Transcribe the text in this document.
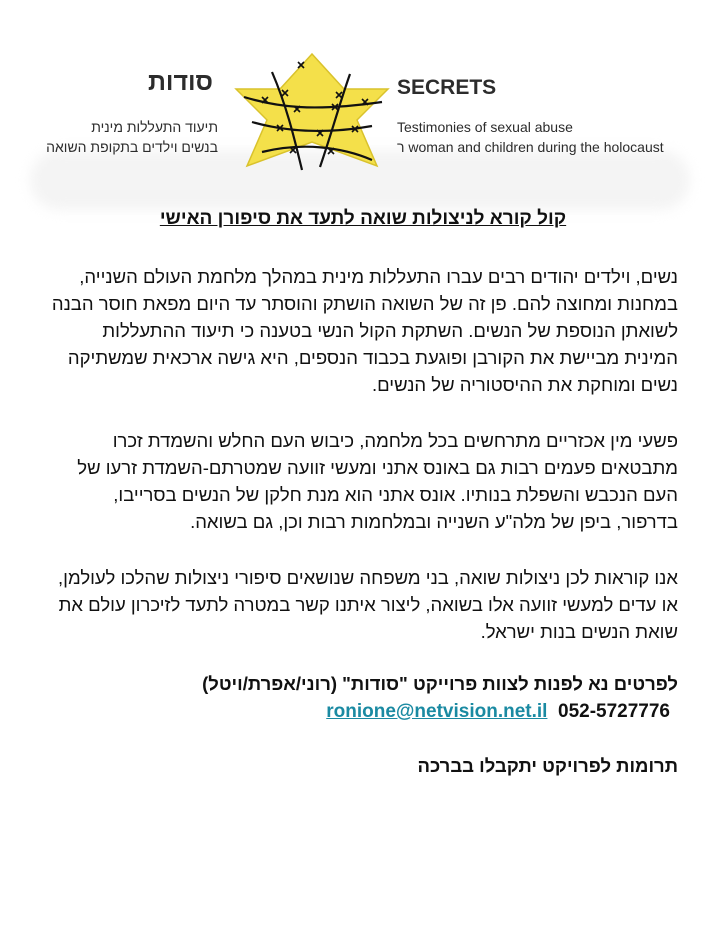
סודות
תיעוד התעללות מינית
בנשים וילדים בתקופת השואה
SECRETS
Testimonies of sexual abuse
ר woman and children during the holocaust

קול קורא לניצולות שואה לתעד את סיפורן האישי

נשים, וילדים יהודים רבים עברו התעללות מינית במהלך מלחמת העולם השנייה, במחנות ומחוצה להם. פן זה של השואה הושתק והוסתר עד היום מפאת חוסר הבנה לשואתן הנוספת של הנשים. השתקת הקול הנשי בטענה כי תיעוד ההתעללות המינית מביישת את הקורבן ופוגעת בכבוד הנספים, היא גישה ארכאית שמשתיקה נשים ומוחקת את ההיסטוריה של הנשים.

פשעי מין אכזריים מתרחשים בכל מלחמה, כיבוש העם החלש והשמדת זכרו מתבטאים פעמים רבות גם באונס אתני ומעשי זוועה שמטרתם-השמדת זרעו של העם הנכבש והשפלת בנותיו. אונס אתני הוא מנת חלקן של הנשים בסרייבו, בדרפור, ביפן של מלה"ע השנייה ובמלחמות רבות וכן, גם בשואה.

אנו קוראות לכן ניצולות שואה, בני משפחה שנושאים סיפורי ניצולות שהלכו לעולמן, או עדים למעשי זוועה אלו בשואה, ליצור איתנו קשר במטרה לתעד לזיכרון עולם את שואת הנשים בנות ישראל.

לפרטים נא לפנות לצוות פרוייקט "סודות" (רוני/אפרת/ויטל)
ronione@netvision.net.il 052-5727776
תרומות לפרויקט יתקבלו בברכה
